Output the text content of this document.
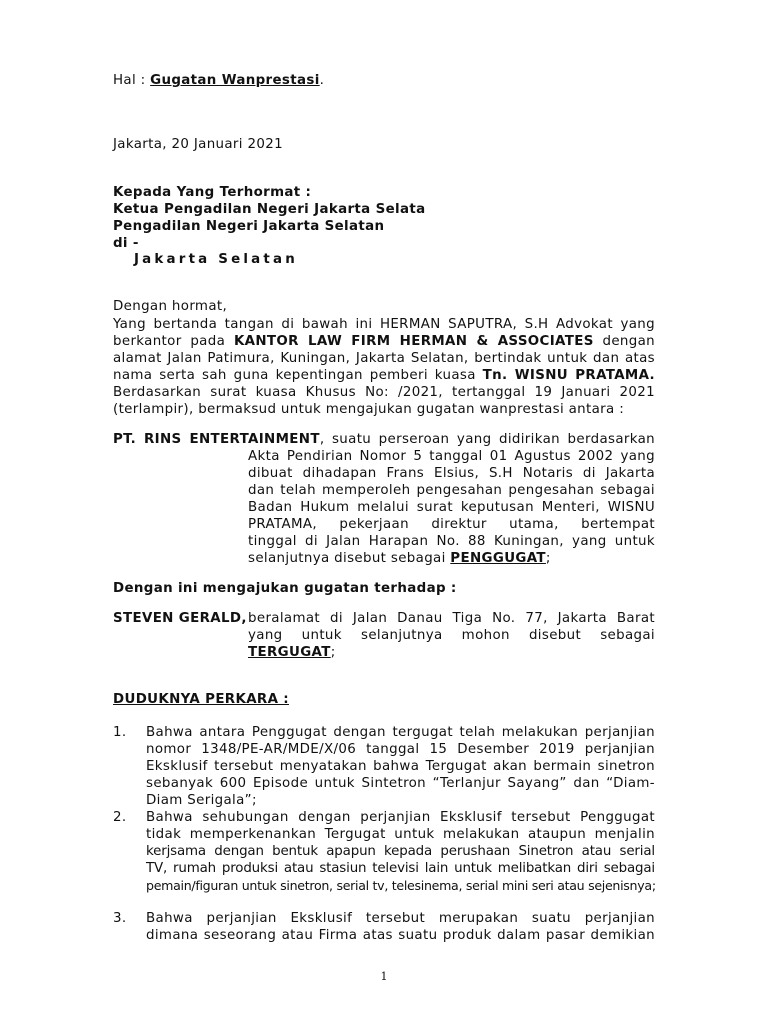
Hal : Gugatan Wanprestasi.
Jakarta, 20 Januari 2021
Kepada Yang Terhormat :
Ketua Pengadilan Negeri Jakarta Selata
Pengadilan Negeri Jakarta Selatan
di -
Jakarta Selatan
Dengan hormat,
Yang bertanda tangan di bawah ini HERMAN SAPUTRA, S.H Advokat yang
berkantor pada KANTOR LAW FIRM HERMAN & ASSOCIATES dengan
alamat Jalan Patimura, Kuningan, Jakarta Selatan, bertindak untuk dan atas
nama serta sah guna kepentingan pemberi kuasa Tn. WISNU PRATAMA.
Berdasarkan surat kuasa Khusus No: /2021, tertanggal 19 Januari 2021
(terlampir), bermaksud untuk mengajukan gugatan wanprestasi antara :
PT. RINS ENTERTAINMENT, suatu perseroan yang didirikan berdasarkan
Akta Pendirian Nomor 5 tanggal 01 Agustus 2002 yang
dibuat dihadapan Frans Elsius, S.H Notaris di Jakarta
dan telah memperoleh pengesahan pengesahan sebagai
Badan Hukum melalui surat keputusan Menteri, WISNU
PRATAMA, pekerjaan direktur utama, bertempat
tinggal di Jalan Harapan No. 88 Kuningan, yang untuk
selanjutnya disebut sebagai PENGGUGAT;
Dengan ini mengajukan gugatan terhadap :
STEVEN GERALD, beralamat di Jalan Danau Tiga No. 77, Jakarta Barat
yang untuk selanjutnya mohon disebut sebagai
TERGUGAT;
DUDUKNYA PERKARA :
1. Bahwa antara Penggugat dengan tergugat telah melakukan perjanjian
nomor 1348/PE-AR/MDE/X/06 tanggal 15 Desember 2019 perjanjian
Eksklusif tersebut menyatakan bahwa Tergugat akan bermain sinetron
sebanyak 600 Episode untuk Sintetron “Terlanjur Sayang” dan “Diam-
Diam Serigala”;
2. Bahwa sehubungan dengan perjanjian Eksklusif tersebut Penggugat
tidak memperkenankan Tergugat untuk melakukan ataupun menjalin
kerjsama dengan bentuk apapun kepada perushaan Sinetron atau serial
TV, rumah produksi atau stasiun televisi lain untuk melibatkan diri sebagai
pemain/figuran untuk sinetron, serial tv, telesinema, serial mini seri atau sejenisnya;
3. Bahwa perjanjian Eksklusif tersebut merupakan suatu perjanjian
dimana seseorang atau Firma atas suatu produk dalam pasar demikian
1
